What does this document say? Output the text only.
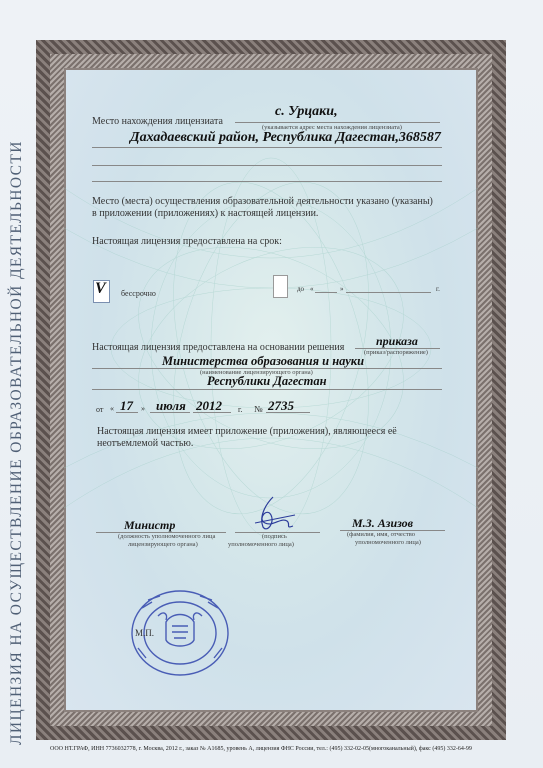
ЛИЦЕНЗИЯ НА ОСУЩЕСТВЛЕНИЕ ОБРАЗОВАТЕЛЬНОЙ ДЕЯТЕЛЬНОСТИ
Место нахождения лицензиата
с. Урцаки,
(указывается адрес места нахождения лицензиата)
Дахадаевский район, Республика Дагестан,368587
Место (места) осуществления образовательной деятельности указано (указаны)
в приложении (приложениях) к настоящей лицензии.
Настоящая лицензия предоставлена на срок:
V бессрочно	до «	»	г.
Настоящая лицензия предоставлена на основании решения	приказа
(приказ/распоряжение)
Министерства образования и науки
(наименование лицензирующего органа)
Республики Дагестан
от « 17 » июля 2012 г. № 2735
Настоящая лицензия имеет приложение (приложения), являющееся её
неотъемлемой частью.
Министр
(должность уполномоченного лица
лицензирующего органа)
(подпись
уполномоченного лица)
М.З. Азизов
(фамилия, имя, отчество
уполномоченного лица)
М.П.
ООО НТ.ГРАФ, ИНН 7736032778, г. Москва, 2012 г., заказ № А1685, уровень А, лицензия ФНС России, тел.: (495) 332-02-05(многоканальный), факс (495) 332-64-99
